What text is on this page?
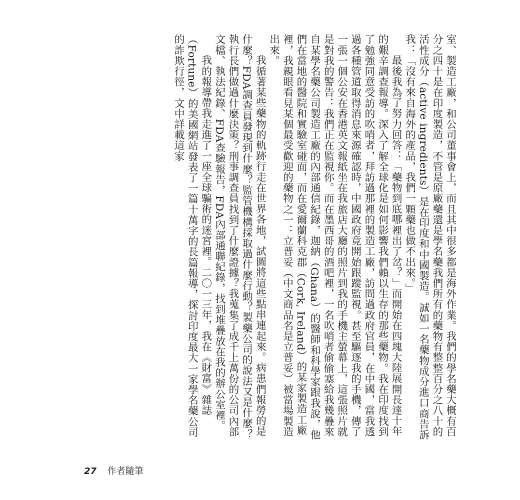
室、製造工廠，和公司董事會上，而且其中很多都是海外作業。我們的學名藥大概有百分之四十是在印度製造，不管是原廠藥還是學名藥我們所有的藥物有整整百分之八十的活性成分（active ingredients）是在印度和中國製造。誠如一名藥物成分進口商告訴我：「沒有來自海外的產品，我們一顆藥也做不出來。」

最後我為了努力回答：「藥物到底哪裡出了岔？」而開始在四塊大陸展開長達十年的艱辛調查報導。深入了解全球化是如何影響我們賴以生存的那些藥物。我在印度找到了勉強同意受訪的吹哨者，拜訪過那裡的製造工廠，訪問過政府官員，在中國，當我透過各種管道取得消息來源確認時，中國政府竟開始跟蹤監視。甚至驅逐我的手機，傳了一張一個公安在香港英文報紙坐在我旅店大廳的照片到我的手機主螢幕上，這張照片就是對我的警告：我們正在監視你。而在墨西哥的酒吧裡，一名吹哨者偷偷塞給我幾疊來自某學名藥公司製造工廠的內部通信紀錄，迦納（Ghana）的醫師和科學家跟我說，他們在當地的醫院和實驗室碰面，而在愛爾蘭科克郡（Cork, Ireland）的某家製造工廠裡，我親眼看見某個最受歡迎的藥物之一：立普妥（中文商品名是立普妥）被當場製造出來。

我循著某些藥物的軌跡行走在世界各地，試圖將這些點串連起來。病患們報勞的是什麼？FDA調查員發現到什麼？監管機構採取過什麼行動？製藥公司的說法又是什麼？執行長們做過什麼決策？刑事調查員找到了什麼證據？我蒐集了成千上萬份的公司內部文檔、執法紀錄、FDA查驗報告，FDA內部通聯紀錄，找到堆疊放在我的辦公室裡。

我的報導帶我走進了一座全球騙術的迷宮裡。二〇一三年，我在《財富》雜誌（Fortune）的美國網站發表了一篇十萬字的長篇報導，探討印度最大一家學名藥公司的詐欺行徑，文中詳載這家

27 作者隨筆
